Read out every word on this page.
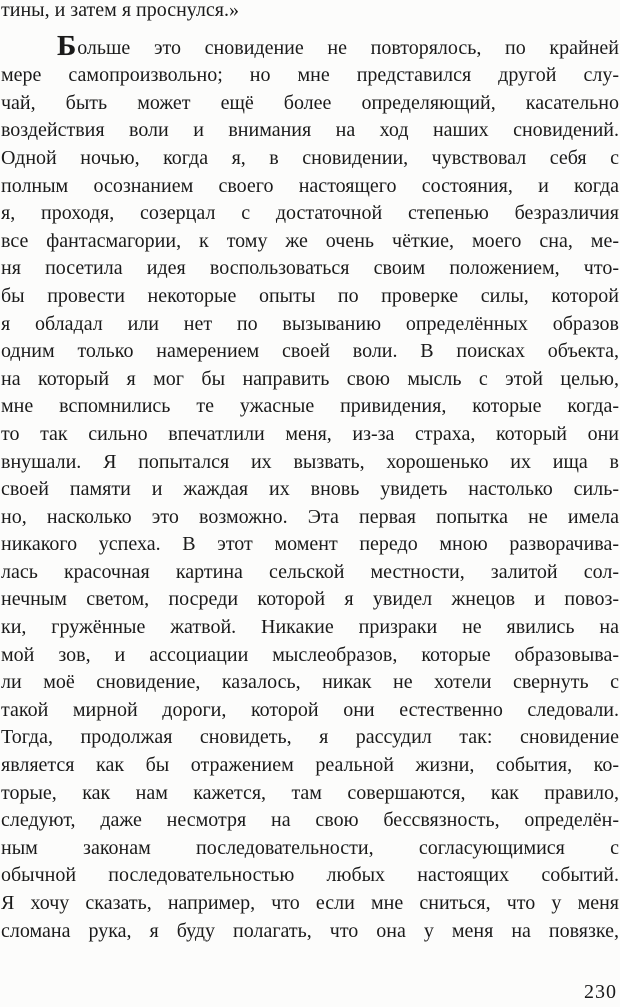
тины, и затем я проснулся.»
Больше это сновидение не повторялось, по крайней
мере самопроизвольно; но мне представился другой слу-
чай, быть может ещё более определяющий, касательно
воздействия воли и внимания на ход наших сновидений.
Одной ночью, когда я, в сновидении, чувствовал себя с
полным осознанием своего настоящего состояния, и когда
я, проходя, созерцал с достаточной степенью безразличия
все фантасмагории, к тому же очень чёткие, моего сна, ме-
ня посетила идея воспользоваться своим положением, что-
бы провести некоторые опыты по проверке силы, которой
я обладал или нет по вызыванию определённых образов
одним только намерением своей воли. В поисках объекта,
на который я мог бы направить свою мысль с этой целью,
мне вспомнились те ужасные привидения, которые когда-
то так сильно впечатлили меня, из-за страха, который они
внушали. Я попытался их вызвать, хорошенько их ища в
своей памяти и жаждая их вновь увидеть настолько силь-
но, насколько это возможно. Эта первая попытка не имела
никакого успеха. В этот момент передо мною разворачива-
лась красочная картина сельской местности, залитой сол-
нечным светом, посреди которой я увидел жнецов и повоз-
ки, гружённые жатвой. Никакие призраки не явились на
мой зов, и ассоциации мыслеобразов, которые образовыва-
ли моё сновидение, казалось, никак не хотели свернуть с
такой мирной дороги, которой они естественно следовали.
Тогда, продолжая сновидеть, я рассудил так: сновидение
является как бы отражением реальной жизни, события, ко-
торые, как нам кажется, там совершаются, как правило,
следуют, даже несмотря на свою бессвязность, определён-
ным законам последовательности, согласующимися с
обычной последовательностью любых настоящих событий.
Я хочу сказать, например, что если мне сниться, что у меня
сломана рука, я буду полагать, что она у меня на повязке,
230
